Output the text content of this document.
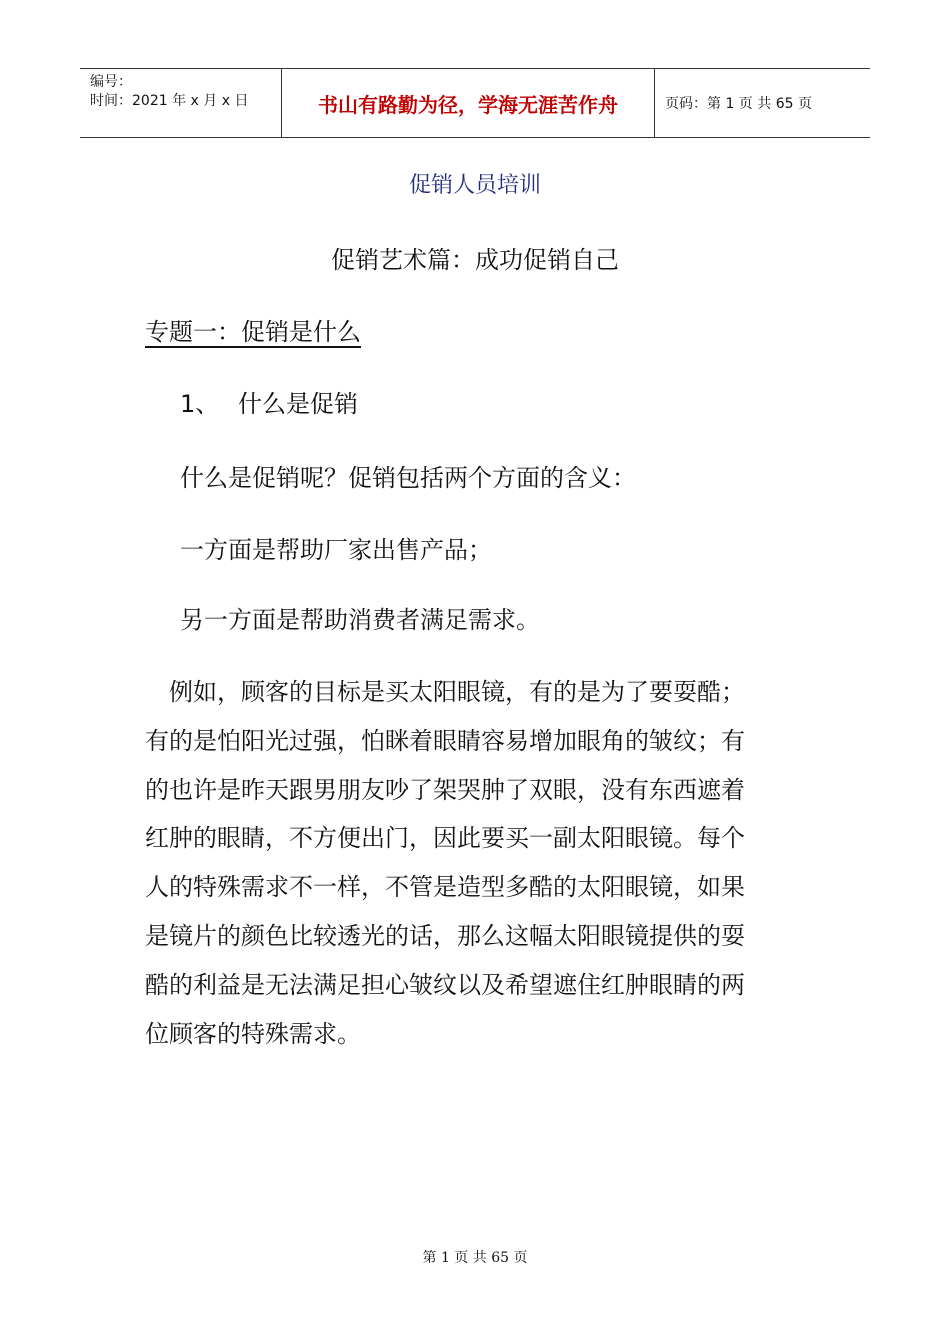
编号：
时间：2021 年 x 月 x 日	书山有路勤为径，学海无涯苦作舟	页码：第 1 页 共 65 页
促销人员培训
促销艺术篇：成功促销自己
专题一：促销是什么
1、 什么是促销
什么是促销呢？促销包括两个方面的含义：
一方面是帮助厂家出售产品；
另一方面是帮助消费者满足需求。
　例如，顾客的目标是买太阳眼镜，有的是为了要耍酷；
有的是怕阳光过强，怕眯着眼睛容易增加眼角的皱纹；有
的也许是昨天跟男朋友吵了架哭肿了双眼，没有东西遮着
红肿的眼睛，不方便出门，因此要买一副太阳眼镜。每个
人的特殊需求不一样，不管是造型多酷的太阳眼镜，如果
是镜片的颜色比较透光的话，那么这幅太阳眼镜提供的耍
酷的利益是无法满足担心皱纹以及希望遮住红肿眼睛的两
位顾客的特殊需求。
第 1 页 共 65 页
